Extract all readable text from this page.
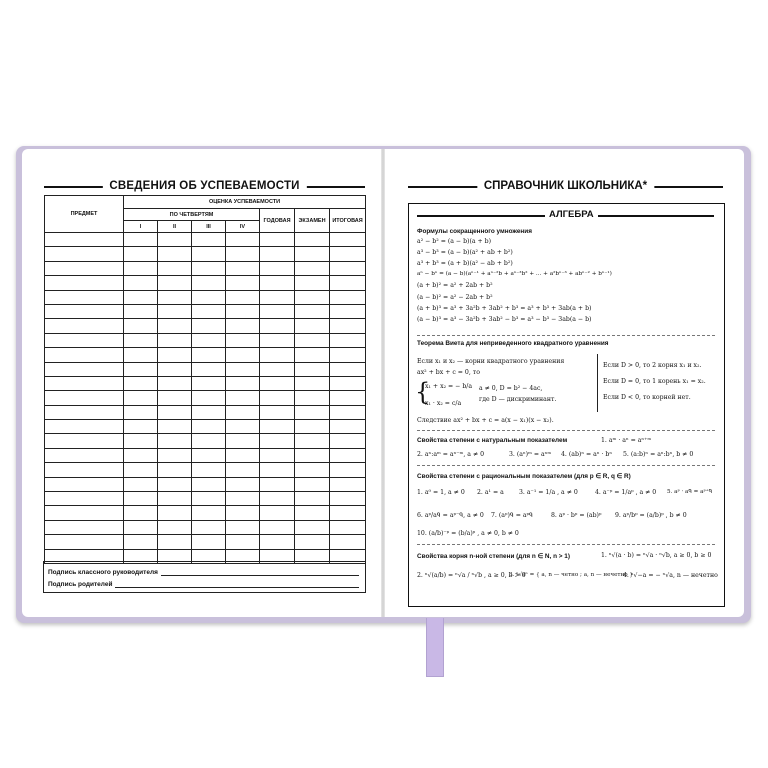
СВЕДЕНИЯ ОБ УСПЕВАЕМОСТИ
ПРЕДМЕТ	ОЦЕНКА УСПЕВАЕМОСТИ						
	ПО ЧЕТВЕРТЯМ				ГОДОВАЯ	ЭКЗАМЕН	ИТОГОВАЯ
	I	II	III	IV			

Подпись классного руководителя
Подпись родителей
СПРАВОЧНИК ШКОЛЬНИКА*
АЛГЕБРА
Формулы сокращенного умножения
a² − b² = (a − b)(a + b)
a³ − b³ = (a − b)(a² + ab + b²)
a³ + b³ = (a + b)(a² − ab + b²)
aⁿ − bⁿ = (a − b)(aⁿ⁻¹ + aⁿ⁻²b + aⁿ⁻³b² + ... + a²bⁿ⁻³ + abⁿ⁻² + bⁿ⁻¹)
(a + b)² = a² + 2ab + b²
(a − b)² = a² − 2ab + b²
(a + b)³ = a³ + 3a²b + 3ab² + b³ = a³ + b³ + 3ab(a + b)
(a − b)³ = a³ − 3a²b + 3ab² − b³ = a³ − b³ − 3ab(a − b)
Теорема Виета для неприведенного квадратного уравнения
Если x₁ и x₂ — корни квадратного уравнения
ax² + bx + c = 0, то
{
x₁ + x₂ = − b/a
x₁ · x₂ = c/a
a ≠ 0, D = b² − 4ac,
где D — дискриминант.
Следствие ax² + bx + c = a(x − x₁)(x − x₂).
Если D > 0, то 2 корня x₁ и x₂.
Если D = 0, то 1 корень x₁ = x₂.
Если D < 0, то корней нет.
Свойства степени с натуральным показателем	1. aᵐ · aⁿ = aⁿ⁺ᵐ
2. aⁿ:aᵐ = aⁿ⁻ᵐ, a ≠ 0	3. (aⁿ)ᵐ = aⁿᵐ 4. (ab)ⁿ = aⁿ · bⁿ 5. (a:b)ⁿ = aⁿ:bⁿ, b ≠ 0
Свойства степени с рациональным показателем (для p ∈ R, q ∈ R)
1. a⁰ = 1, a ≠ 0 2. a¹ = a 3. a⁻¹ = 1/a , a ≠ 0	4. a⁻ᵖ = 1/aᵖ , a ≠ 0 5. aᵖ · aᑫ = aᵖ⁺ᑫ
6. aᵖ/aᑫ = aᵖ⁻ᑫ, a ≠ 0 7. (aᵖ)ᑫ = aᵖᑫ	8. aᵖ · bᵖ = (ab)ᵖ 9. aᵖ/bᵖ = (a/b)ᵖ , b ≠ 0
10. (a/b)⁻ᵖ = (b/a)ᵖ , a ≠ 0, b ≠ 0
Свойства корня n-ной степени (для n ∈ N, n > 1)	1. ⁿ√(a · b) = ⁿ√a · ⁿ√b, a ≥ 0, b ≥ 0
2. ⁿ√(a/b) = ⁿ√a / ⁿ√b , a ≥ 0, b > 0
3. ⁿ√aⁿ = { a, n — четно ; a, n — нечетно }
4. ⁿ√−a = − ⁿ√a, n — нечетно
